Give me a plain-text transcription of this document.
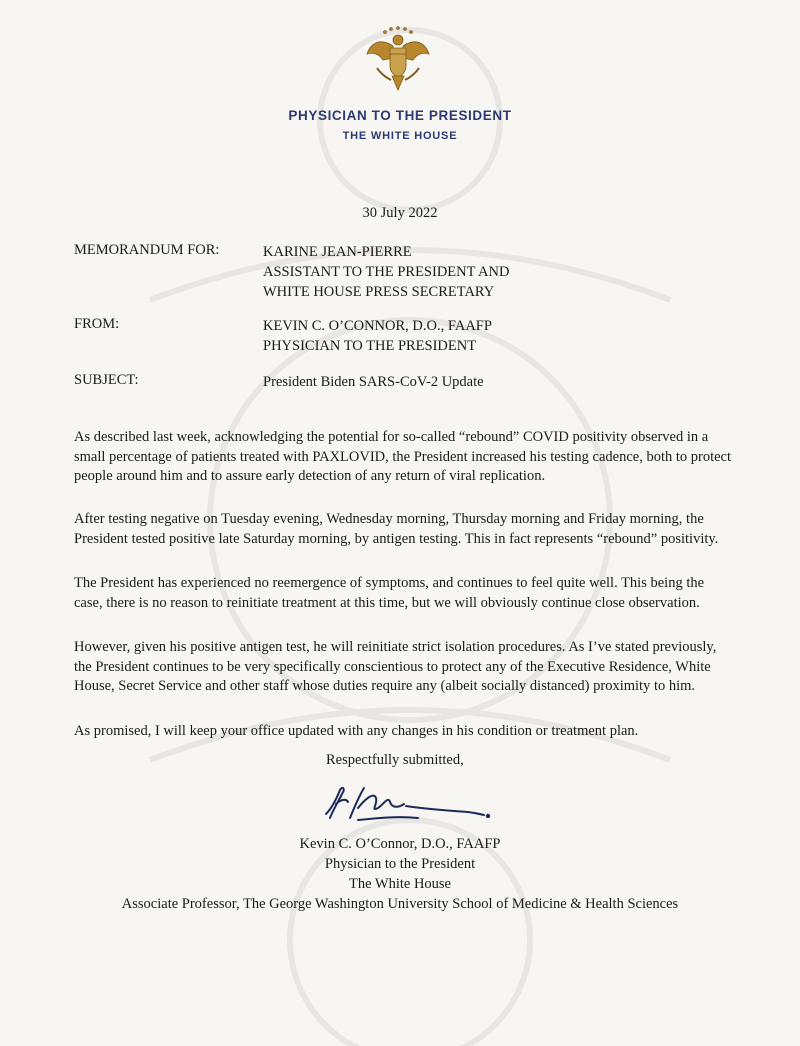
PHYSICIAN TO THE PRESIDENT
THE WHITE HOUSE
30 July 2022
MEMORANDUM FOR:	KARINE JEAN-PIERRE
ASSISTANT TO THE PRESIDENT AND
WHITE HOUSE PRESS SECRETARY
FROM:	KEVIN C. O’CONNOR, D.O., FAAFP
PHYSICIAN TO THE PRESIDENT
SUBJECT:	President Biden SARS-CoV-2 Update

As described last week, acknowledging the potential for so-called “rebound” COVID positivity observed in a small percentage of patients treated with PAXLOVID, the President increased his testing cadence, both to protect people around him and to assure early detection of any return of viral replication.

After testing negative on Tuesday evening, Wednesday morning, Thursday morning and Friday morning, the President tested positive late Saturday morning, by antigen testing. This in fact represents “rebound” positivity.

The President has experienced no reemergence of symptoms, and continues to feel quite well. This being the case, there is no reason to reinitiate treatment at this time, but we will obviously continue close observation.

However, given his positive antigen test, he will reinitiate strict isolation procedures. As I’ve stated previously, the President continues to be very specifically conscientious to protect any of the Executive Residence, White House, Secret Service and other staff whose duties require any (albeit socially distanced) proximity to him.

As promised, I will keep your office updated with any changes in his condition or treatment plan.

Respectfully submitted,
Kevin C. O’Connor, D.O., FAAFP
Physician to the President
The White House
Associate Professor, The George Washington University School of Medicine & Health Sciences
